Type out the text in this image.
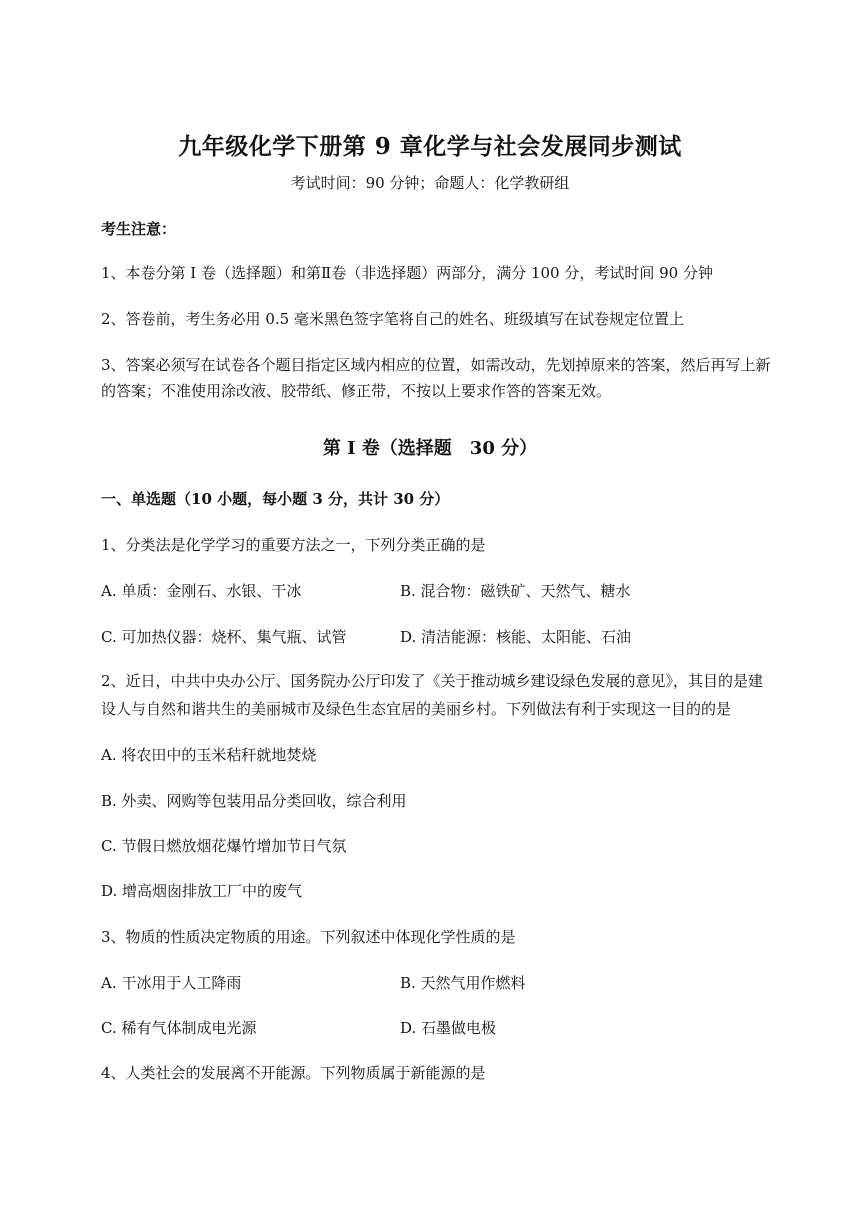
九年级化学下册第 9 章化学与社会发展同步测试
考试时间：90 分钟；命题人：化学教研组
考生注意：
1、本卷分第 I 卷（选择题）和第Ⅱ卷（非选择题）两部分，满分 100 分，考试时间 90 分钟
2、答卷前，考生务必用 0.5 毫米黑色签字笔将自己的姓名、班级填写在试卷规定位置上
3、答案必须写在试卷各个题目指定区域内相应的位置，如需改动，先划掉原来的答案，然后再写上新
的答案；不准使用涂改液、胶带纸、修正带，不按以上要求作答的答案无效。
第 I 卷（选择题　30 分）
一、单选题（10 小题，每小题 3 分，共计 30 分）
1、分类法是化学学习的重要方法之一，下列分类正确的是
A. 单质：金刚石、水银、干冰	B. 混合物：磁铁矿、天然气、糖水
C. 可加热仪器：烧杯、集气瓶、试管	D. 清洁能源：核能、太阳能、石油
2、近日，中共中央办公厅、国务院办公厅印发了《关于推动城乡建设绿色发展的意见》，其目的是建
设人与自然和谐共生的美丽城市及绿色生态宜居的美丽乡村。下列做法有利于实现这一目的的是
A. 将农田中的玉米秸秆就地焚烧
B. 外卖、网购等包装用品分类回收，综合利用
C. 节假日燃放烟花爆竹增加节日气氛
D. 增高烟囱排放工厂中的废气
3、物质的性质决定物质的用途。下列叙述中体现化学性质的是
A. 干冰用于人工降雨	B. 天然气用作燃料
C. 稀有气体制成电光源	D. 石墨做电极
4、人类社会的发展离不开能源。下列物质属于新能源的是
